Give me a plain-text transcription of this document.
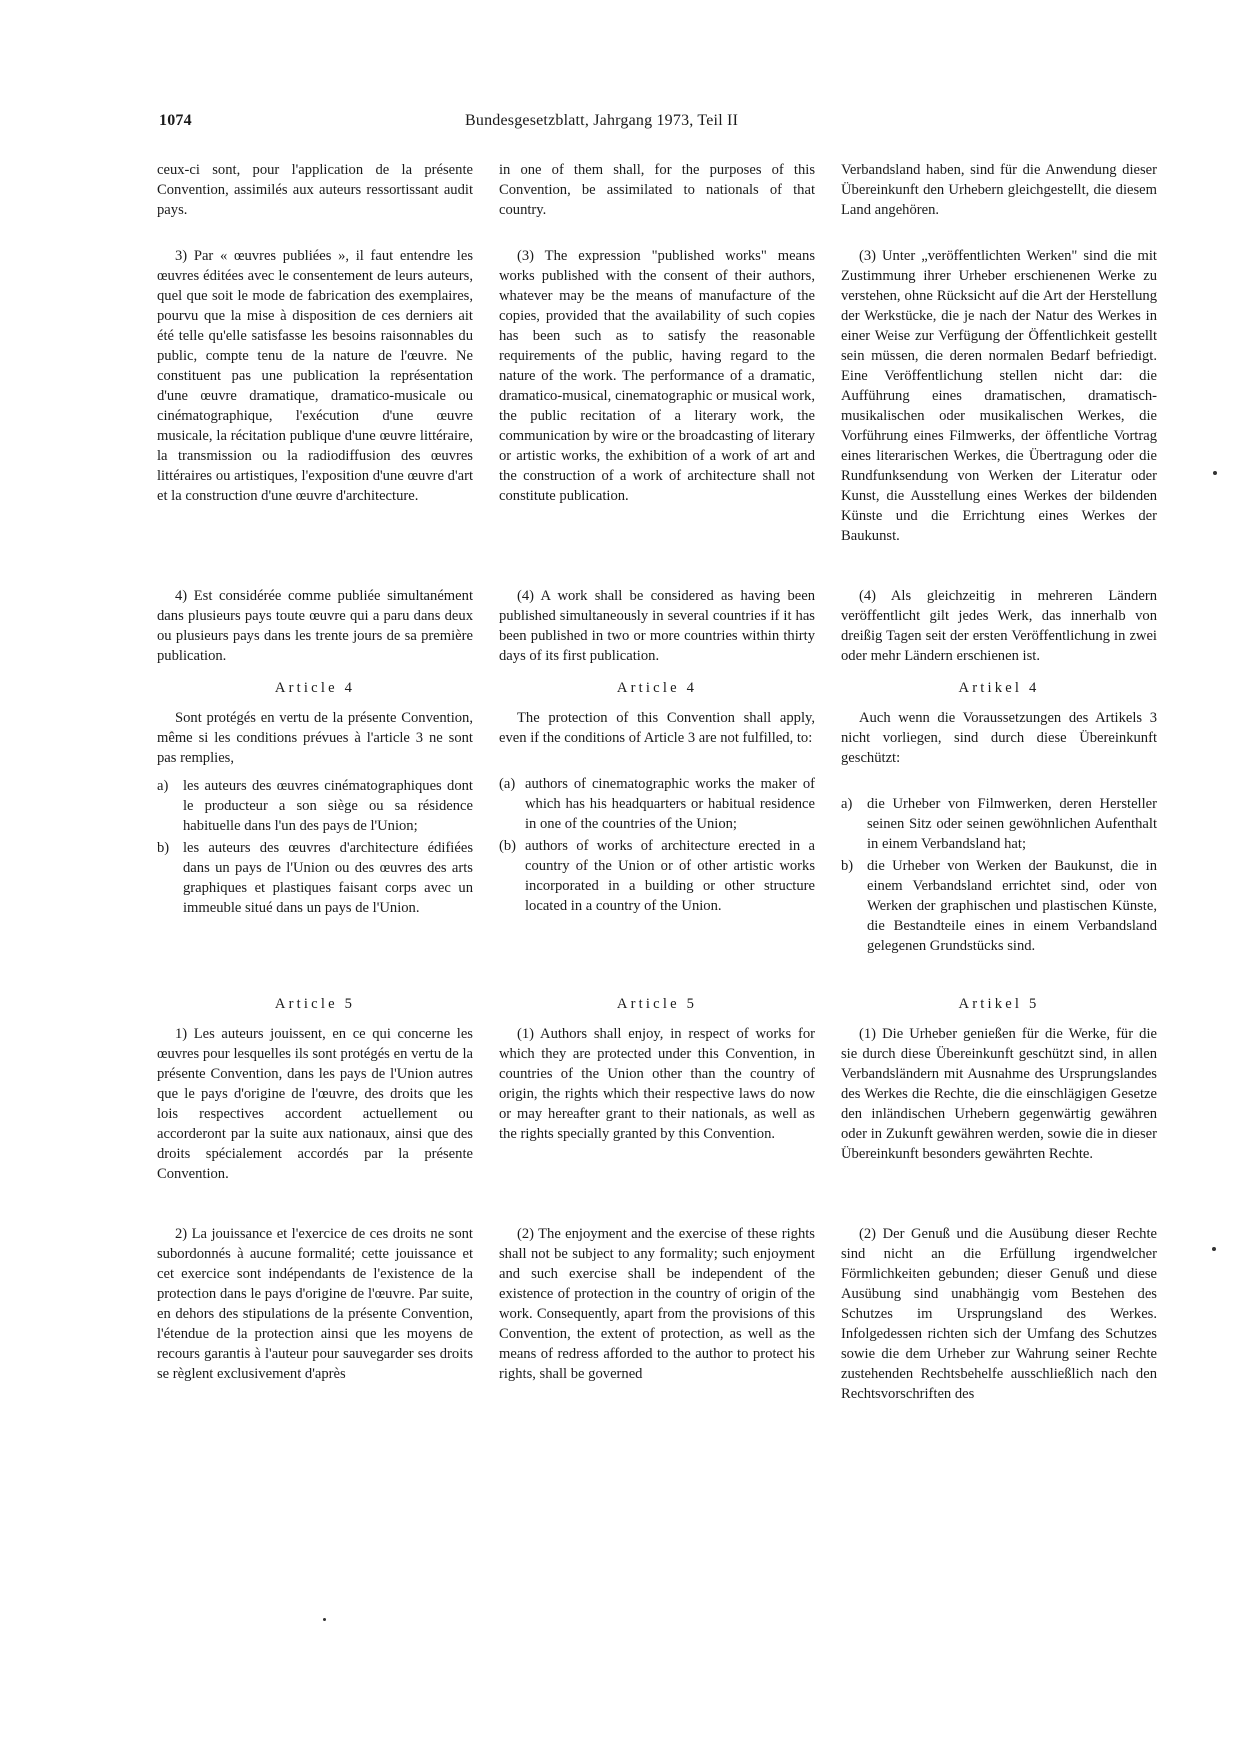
1074	Bundesgesetzblatt, Jahrgang 1973, Teil II
ceux-ci sont, pour l'application de la présente Convention, assimilés aux auteurs ressortissant audit pays.
in one of them shall, for the purposes of this Convention, be assimilated to nationals of that country.
Verbandsland haben, sind für die Anwendung dieser Übereinkunft den Urhebern gleichgestellt, die diesem Land angehören.
3) Par « œuvres publiées », il faut entendre les œuvres éditées avec le consentement de leurs auteurs, quel que soit le mode de fabrication des exemplaires, pourvu que la mise à disposition de ces derniers ait été telle qu'elle satisfasse les besoins raisonnables du public, compte tenu de la nature de l'œuvre. Ne constituent pas une publication la représentation d'une œuvre dramatique, dramatico-musicale ou cinématographique, l'exécution d'une œuvre musicale, la récitation publique d'une œuvre littéraire, la transmission ou la radiodiffusion des œuvres littéraires ou artistiques, l'exposition d'une œuvre d'art et la construction d'une œuvre d'architecture.
(3) The expression "published works" means works published with the consent of their authors, whatever may be the means of manufacture of the copies, provided that the availability of such copies has been such as to satisfy the reasonable requirements of the public, having regard to the nature of the work. The performance of a dramatic, dramatico-musical, cinematographic or musical work, the public recitation of a literary work, the communication by wire or the broadcasting of literary or artistic works, the exhibition of a work of art and the construction of a work of architecture shall not constitute publication.
(3) Unter „veröffentlichten Werken" sind die mit Zustimmung ihrer Urheber erschienenen Werke zu verstehen, ohne Rücksicht auf die Art der Herstellung der Werkstücke, die je nach der Natur des Werkes in einer Weise zur Verfügung der Öffentlichkeit gestellt sein müssen, die deren normalen Bedarf befriedigt. Eine Veröffentlichung stellen nicht dar: die Aufführung eines dramatischen, dramatisch-musikalischen oder musikalischen Werkes, die Vorführung eines Filmwerks, der öffentliche Vortrag eines literarischen Werkes, die Übertragung oder die Rundfunksendung von Werken der Literatur oder Kunst, die Ausstellung eines Werkes der bildenden Künste und die Errichtung eines Werkes der Baukunst.
4) Est considérée comme publiée simultanément dans plusieurs pays toute œuvre qui a paru dans deux ou plusieurs pays dans les trente jours de sa première publication.
(4) A work shall be considered as having been published simultaneously in several countries if it has been published in two or more countries within thirty days of its first publication.
(4) Als gleichzeitig in mehreren Ländern veröffentlicht gilt jedes Werk, das innerhalb von dreißig Tagen seit der ersten Veröffentlichung in zwei oder mehr Ländern erschienen ist.
Article 4
Sont protégés en vertu de la présente Convention, même si les conditions prévues à l'article 3 ne sont pas remplies,
a)	les auteurs des œuvres cinématographiques dont le producteur a son siège ou sa résidence habituelle dans l'un des pays de l'Union;
b) les auteurs des œuvres d'architecture édifiées dans un pays de l'Union ou des œuvres des arts graphiques et plastiques faisant corps avec un immeuble situé dans un pays de l'Union.
Article 4
The protection of this Convention shall apply, even if the conditions of Article 3 are not fulfilled, to:
(a) authors of cinematographic works the maker of which has his headquarters or habitual residence in one of the countries of the Union;
(b) authors of works of architecture erected in a country of the Union or of other artistic works incorporated in a building or other structure located in a country of the Union.
Artikel 4
Auch wenn die Voraussetzungen des Artikels 3 nicht vorliegen, sind durch diese Übereinkunft geschützt:
a)	die Urheber von Filmwerken, deren Hersteller seinen Sitz oder seinen gewöhnlichen Aufenthalt in einem Verbandsland hat;
b) die Urheber von Werken der Baukunst, die in einem Verbandsland errichtet sind, oder von Werken der graphischen und plastischen Künste, die Bestandteile eines in einem Verbandsland gelegenen Grundstücks sind.
Article 5
1) Les auteurs jouissent, en ce qui concerne les œuvres pour lesquelles ils sont protégés en vertu de la présente Convention, dans les pays de l'Union autres que le pays d'origine de l'œuvre, des droits que les lois respectives accordent actuellement ou accorderont par la suite aux nationaux, ainsi que des droits spécialement accordés par la présente Convention.
Article 5
(1) Authors shall enjoy, in respect of works for which they are protected under this Convention, in countries of the Union other than the country of origin, the rights which their respective laws do now or may hereafter grant to their nationals, as well as the rights specially granted by this Convention.
Artikel 5
(1) Die Urheber genießen für die Werke, für die sie durch diese Übereinkunft geschützt sind, in allen Verbandsländern mit Ausnahme des Ursprungslandes des Werkes die Rechte, die die einschlägigen Gesetze den inländischen Urhebern gegenwärtig gewähren oder in Zukunft gewähren werden, sowie die in dieser Übereinkunft besonders gewährten Rechte.
2) La jouissance et l'exercice de ces droits ne sont subordonnés à aucune formalité; cette jouissance et cet exercice sont indépendants de l'existence de la protection dans le pays d'origine de l'œuvre. Par suite, en dehors des stipulations de la présente Convention, l'étendue de la protection ainsi que les moyens de recours garantis à l'auteur pour sauvegarder ses droits se règlent exclusivement d'après
(2) The enjoyment and the exercise of these rights shall not be subject to any formality; such enjoyment and such exercise shall be independent of the existence of protection in the country of origin of the work. Consequently, apart from the provisions of this Convention, the extent of protection, as well as the means of redress afforded to the author to protect his rights, shall be governed
(2) Der Genuß und die Ausübung dieser Rechte sind nicht an die Erfüllung irgendwelcher Förmlichkeiten gebunden; dieser Genuß und diese Ausübung sind unabhängig vom Bestehen des Schutzes im Ursprungsland des Werkes. Infolgedessen richten sich der Umfang des Schutzes sowie die dem Urheber zur Wahrung seiner Rechte zustehenden Rechtsbehelfe ausschließlich nach den Rechtsvorschriften des
